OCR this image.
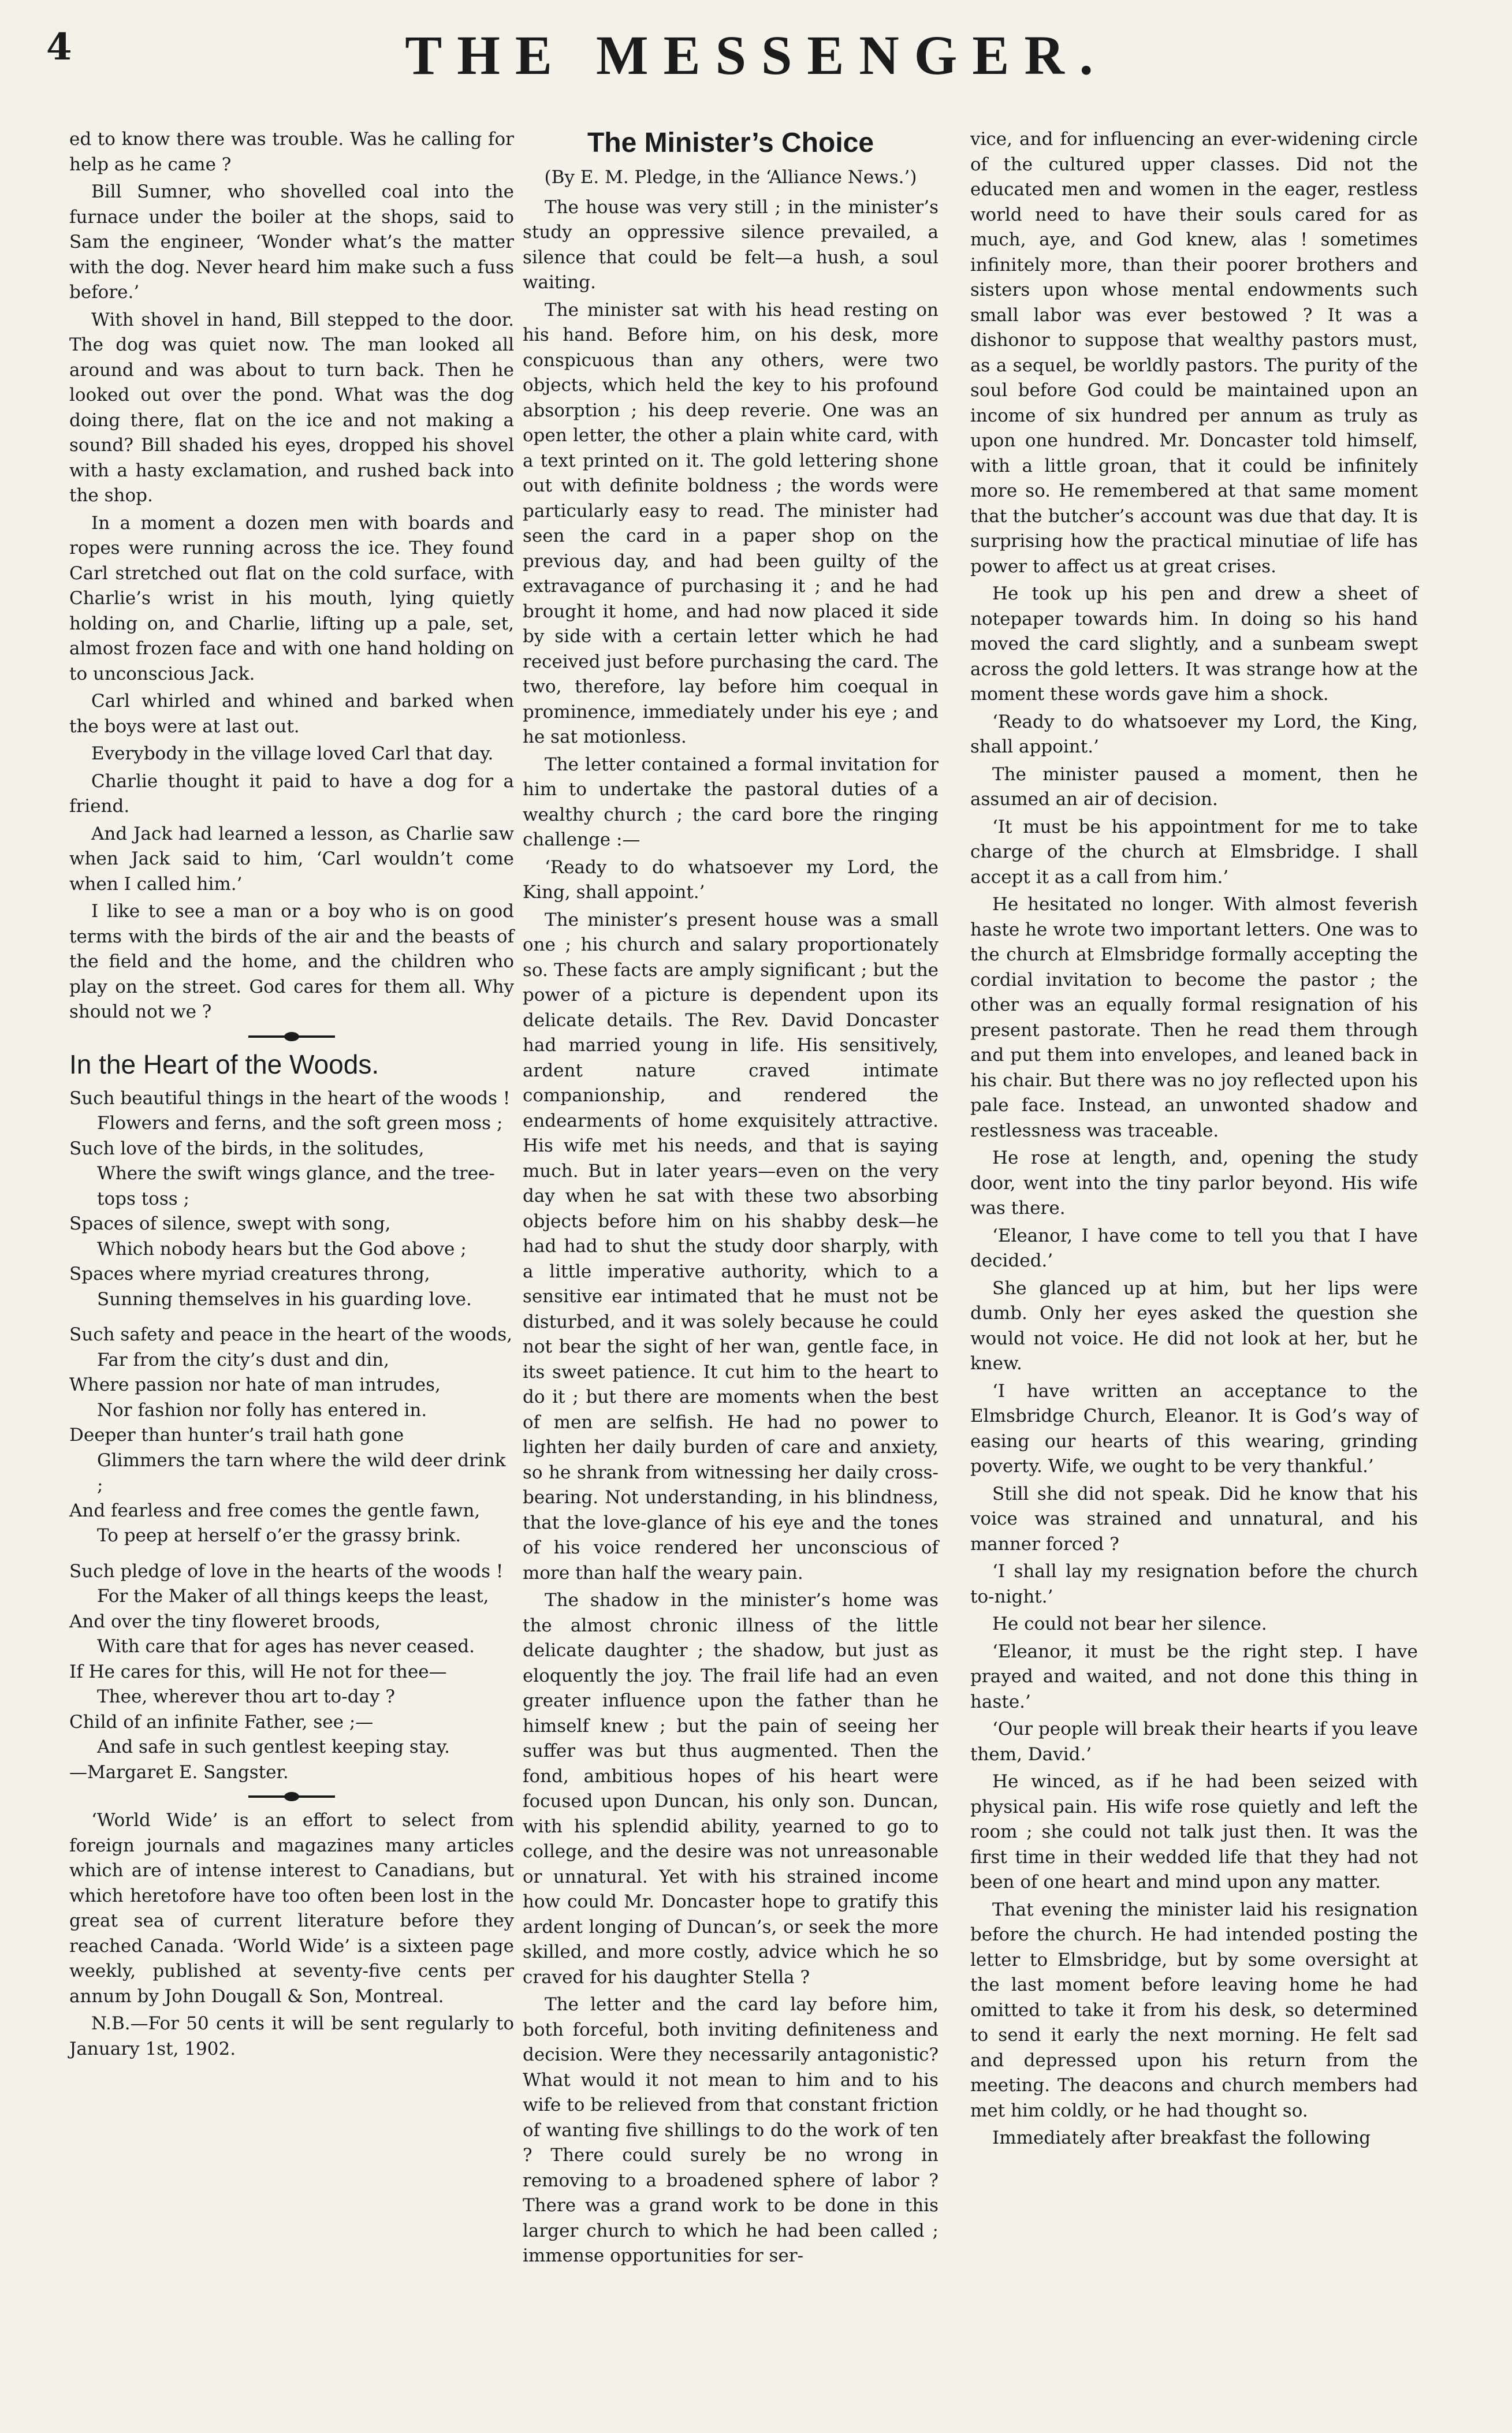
4	THE MESSENGER.

ed to know there was trouble. Was he calling for help as he came ?

Bill Sumner, who shovelled coal into the furnace under the boiler at the shops, said to Sam the engineer, ‘Wonder what’s the matter with the dog. Never heard him make such a fuss before.’

With shovel in hand, Bill stepped to the door. The dog was quiet now. The man looked all around and was about to turn back. Then he looked out over the pond. What was the dog doing there, flat on the ice and not making a sound? Bill shaded his eyes, dropped his shovel with a hasty exclamation, and rushed back into the shop.

In a moment a dozen men with boards and ropes were running across the ice. They found Carl stretched out flat on the cold surface, with Charlie’s wrist in his mouth, lying quietly holding on, and Charlie, lifting up a pale, set, almost frozen face and with one hand holding on to unconscious Jack.

Carl whirled and whined and barked when the boys were at last out.

Everybody in the village loved Carl that day.

Charlie thought it paid to have a dog for a friend.

And Jack had learned a lesson, as Charlie saw when Jack said to him, ‘Carl wouldn’t come when I called him.’

I like to see a man or a boy who is on good terms with the birds of the air and the beasts of the field and the home, and the children who play on the street. God cares for them all. Why should not we ?

In the Heart of the Woods.

Such beautiful things in the heart of the woods !

Flowers and ferns, and the soft green moss ;

Such love of the birds, in the solitudes,

Where the swift wings glance, and the tree-tops toss ;

Spaces of silence, swept with song,

Which nobody hears but the God above ;

Spaces where myriad creatures throng,

Sunning themselves in his guarding love.

Such safety and peace in the heart of the woods,

Far from the city’s dust and din,

Where passion nor hate of man intrudes,

Nor fashion nor folly has entered in.

Deeper than hunter’s trail hath gone

Glimmers the tarn where the wild deer drink ;

And fearless and free comes the gentle fawn,

To peep at herself o’er the grassy brink.

Such pledge of love in the hearts of the woods !

For the Maker of all things keeps the least,

And over the tiny floweret broods,

With care that for ages has never ceased.

If He cares for this, will He not for thee—

Thee, wherever thou art to-day ?

Child of an infinite Father, see ;—

And safe in such gentlest keeping stay.

—Margaret E. Sangster.

‘World Wide’ is an effort to select from foreign journals and magazines many articles which are of intense interest to Canadians, but which heretofore have too often been lost in the great sea of current literature before they reached Canada. ‘World Wide’ is a sixteen page weekly, published at seventy-five cents per annum by John Dougall & Son, Montreal.

N.B.—For 50 cents it will be sent regularly to January 1st, 1902.

The Minister’s Choice

(By E. M. Pledge, in the ‘Alliance News.’)

The house was very still ; in the minister’s study an oppressive silence prevailed, a silence that could be felt—a hush, a soul waiting.

The minister sat with his head resting on his hand. Before him, on his desk, more conspicuous than any others, were two objects, which held the key to his profound absorption ; his deep reverie. One was an open letter, the other a plain white card, with a text printed on it. The gold lettering shone out with definite boldness ; the words were particularly easy to read. The minister had seen the card in a paper shop on the previous day, and had been guilty of the extravagance of purchasing it ; and he had brought it home, and had now placed it side by side with a certain letter which he had received just before purchasing the card. The two, therefore, lay before him coequal in prominence, immediately under his eye ; and he sat motionless.

The letter contained a formal invitation for him to undertake the pastoral duties of a wealthy church ; the card bore the ringing challenge :—

‘Ready to do whatsoever my Lord, the King, shall appoint.’

The minister’s present house was a small one ; his church and salary proportionately so. These facts are amply significant ; but the power of a picture is dependent upon its delicate details. The Rev. David Doncaster had married young in life. His sensitively, ardent nature craved intimate companionship, and rendered the endearments of home exquisitely attractive. His wife met his needs, and that is saying much. But in later years—even on the very day when he sat with these two absorbing objects before him on his shabby desk—he had had to shut the study door sharply, with a little imperative authority, which to a sensitive ear intimated that he must not be disturbed, and it was solely because he could not bear the sight of her wan, gentle face, in its sweet patience. It cut him to the heart to do it ; but there are moments when the best of men are selfish. He had no power to lighten her daily burden of care and anxiety, so he shrank from witnessing her daily cross-bearing. Not understanding, in his blindness, that the love-glance of his eye and the tones of his voice rendered her unconscious of more than half the weary pain.

The shadow in the minister’s home was the almost chronic illness of the little delicate daughter ; the shadow, but just as eloquently the joy. The frail life had an even greater influence upon the father than he himself knew ; but the pain of seeing her suffer was but thus augmented. Then the fond, ambitious hopes of his heart were focused upon Duncan, his only son. Duncan, with his splendid ability, yearned to go to college, and the desire was not unreasonable or unnatural. Yet with his strained income how could Mr. Doncaster hope to gratify this ardent longing of Duncan’s, or seek the more skilled, and more costly, advice which he so craved for his daughter Stella ?

The letter and the card lay before him, both forceful, both inviting definiteness and decision. Were they necessarily antagonistic? What would it not mean to him and to his wife to be relieved from that constant friction of wanting five shillings to do the work of ten ? There could surely be no wrong in removing to a broadened sphere of labor ? There was a grand work to be done in this larger church to which he had been called ; immense opportunities for ser-

vice, and for influencing an ever-widening circle of the cultured upper classes. Did not the educated men and women in the eager, restless world need to have their souls cared for as much, aye, and God knew, alas ! sometimes infinitely more, than their poorer brothers and sisters upon whose mental endowments such small labor was ever bestowed ? It was a dishonor to suppose that wealthy pastors must, as a sequel, be worldly pastors. The purity of the soul before God could be maintained upon an income of six hundred per annum as truly as upon one hundred. Mr. Doncaster told himself, with a little groan, that it could be infinitely more so. He remembered at that same moment that the butcher’s account was due that day. It is surprising how the practical minutiae of life has power to affect us at great crises.

He took up his pen and drew a sheet of notepaper towards him. In doing so his hand moved the card slightly, and a sunbeam swept across the gold letters. It was strange how at the moment these words gave him a shock.

‘Ready to do whatsoever my Lord, the King, shall appoint.’

The minister paused a moment, then he assumed an air of decision.

‘It must be his appointment for me to take charge of the church at Elmsbridge. I shall accept it as a call from him.’

He hesitated no longer. With almost feverish haste he wrote two important letters. One was to the church at Elmsbridge formally accepting the cordial invitation to become the pastor ; the other was an equally formal resignation of his present pastorate. Then he read them through and put them into envelopes, and leaned back in his chair. But there was no joy reflected upon his pale face. Instead, an unwonted shadow and restlessness was traceable.

He rose at length, and, opening the study door, went into the tiny parlor beyond. His wife was there.

‘Eleanor, I have come to tell you that I have decided.’

She glanced up at him, but her lips were dumb. Only her eyes asked the question she would not voice. He did not look at her, but he knew.

‘I have written an acceptance to the Elmsbridge Church, Eleanor. It is God’s way of easing our hearts of this wearing, grinding poverty. Wife, we ought to be very thankful.’

Still she did not speak. Did he know that his voice was strained and unnatural, and his manner forced ?

‘I shall lay my resignation before the church to-night.’

He could not bear her silence.

‘Eleanor, it must be the right step. I have prayed and waited, and not done this thing in haste.’

‘Our people will break their hearts if you leave them, David.’

He winced, as if he had been seized with physical pain. His wife rose quietly and left the room ; she could not talk just then. It was the first time in their wedded life that they had not been of one heart and mind upon any matter.

That evening the minister laid his resignation before the church. He had intended posting the letter to Elmsbridge, but by some oversight at the last moment before leaving home he had omitted to take it from his desk, so determined to send it early the next morning. He felt sad and depressed upon his return from the meeting. The deacons and church members had met him coldly, or he had thought so.

Immediately after breakfast the following
